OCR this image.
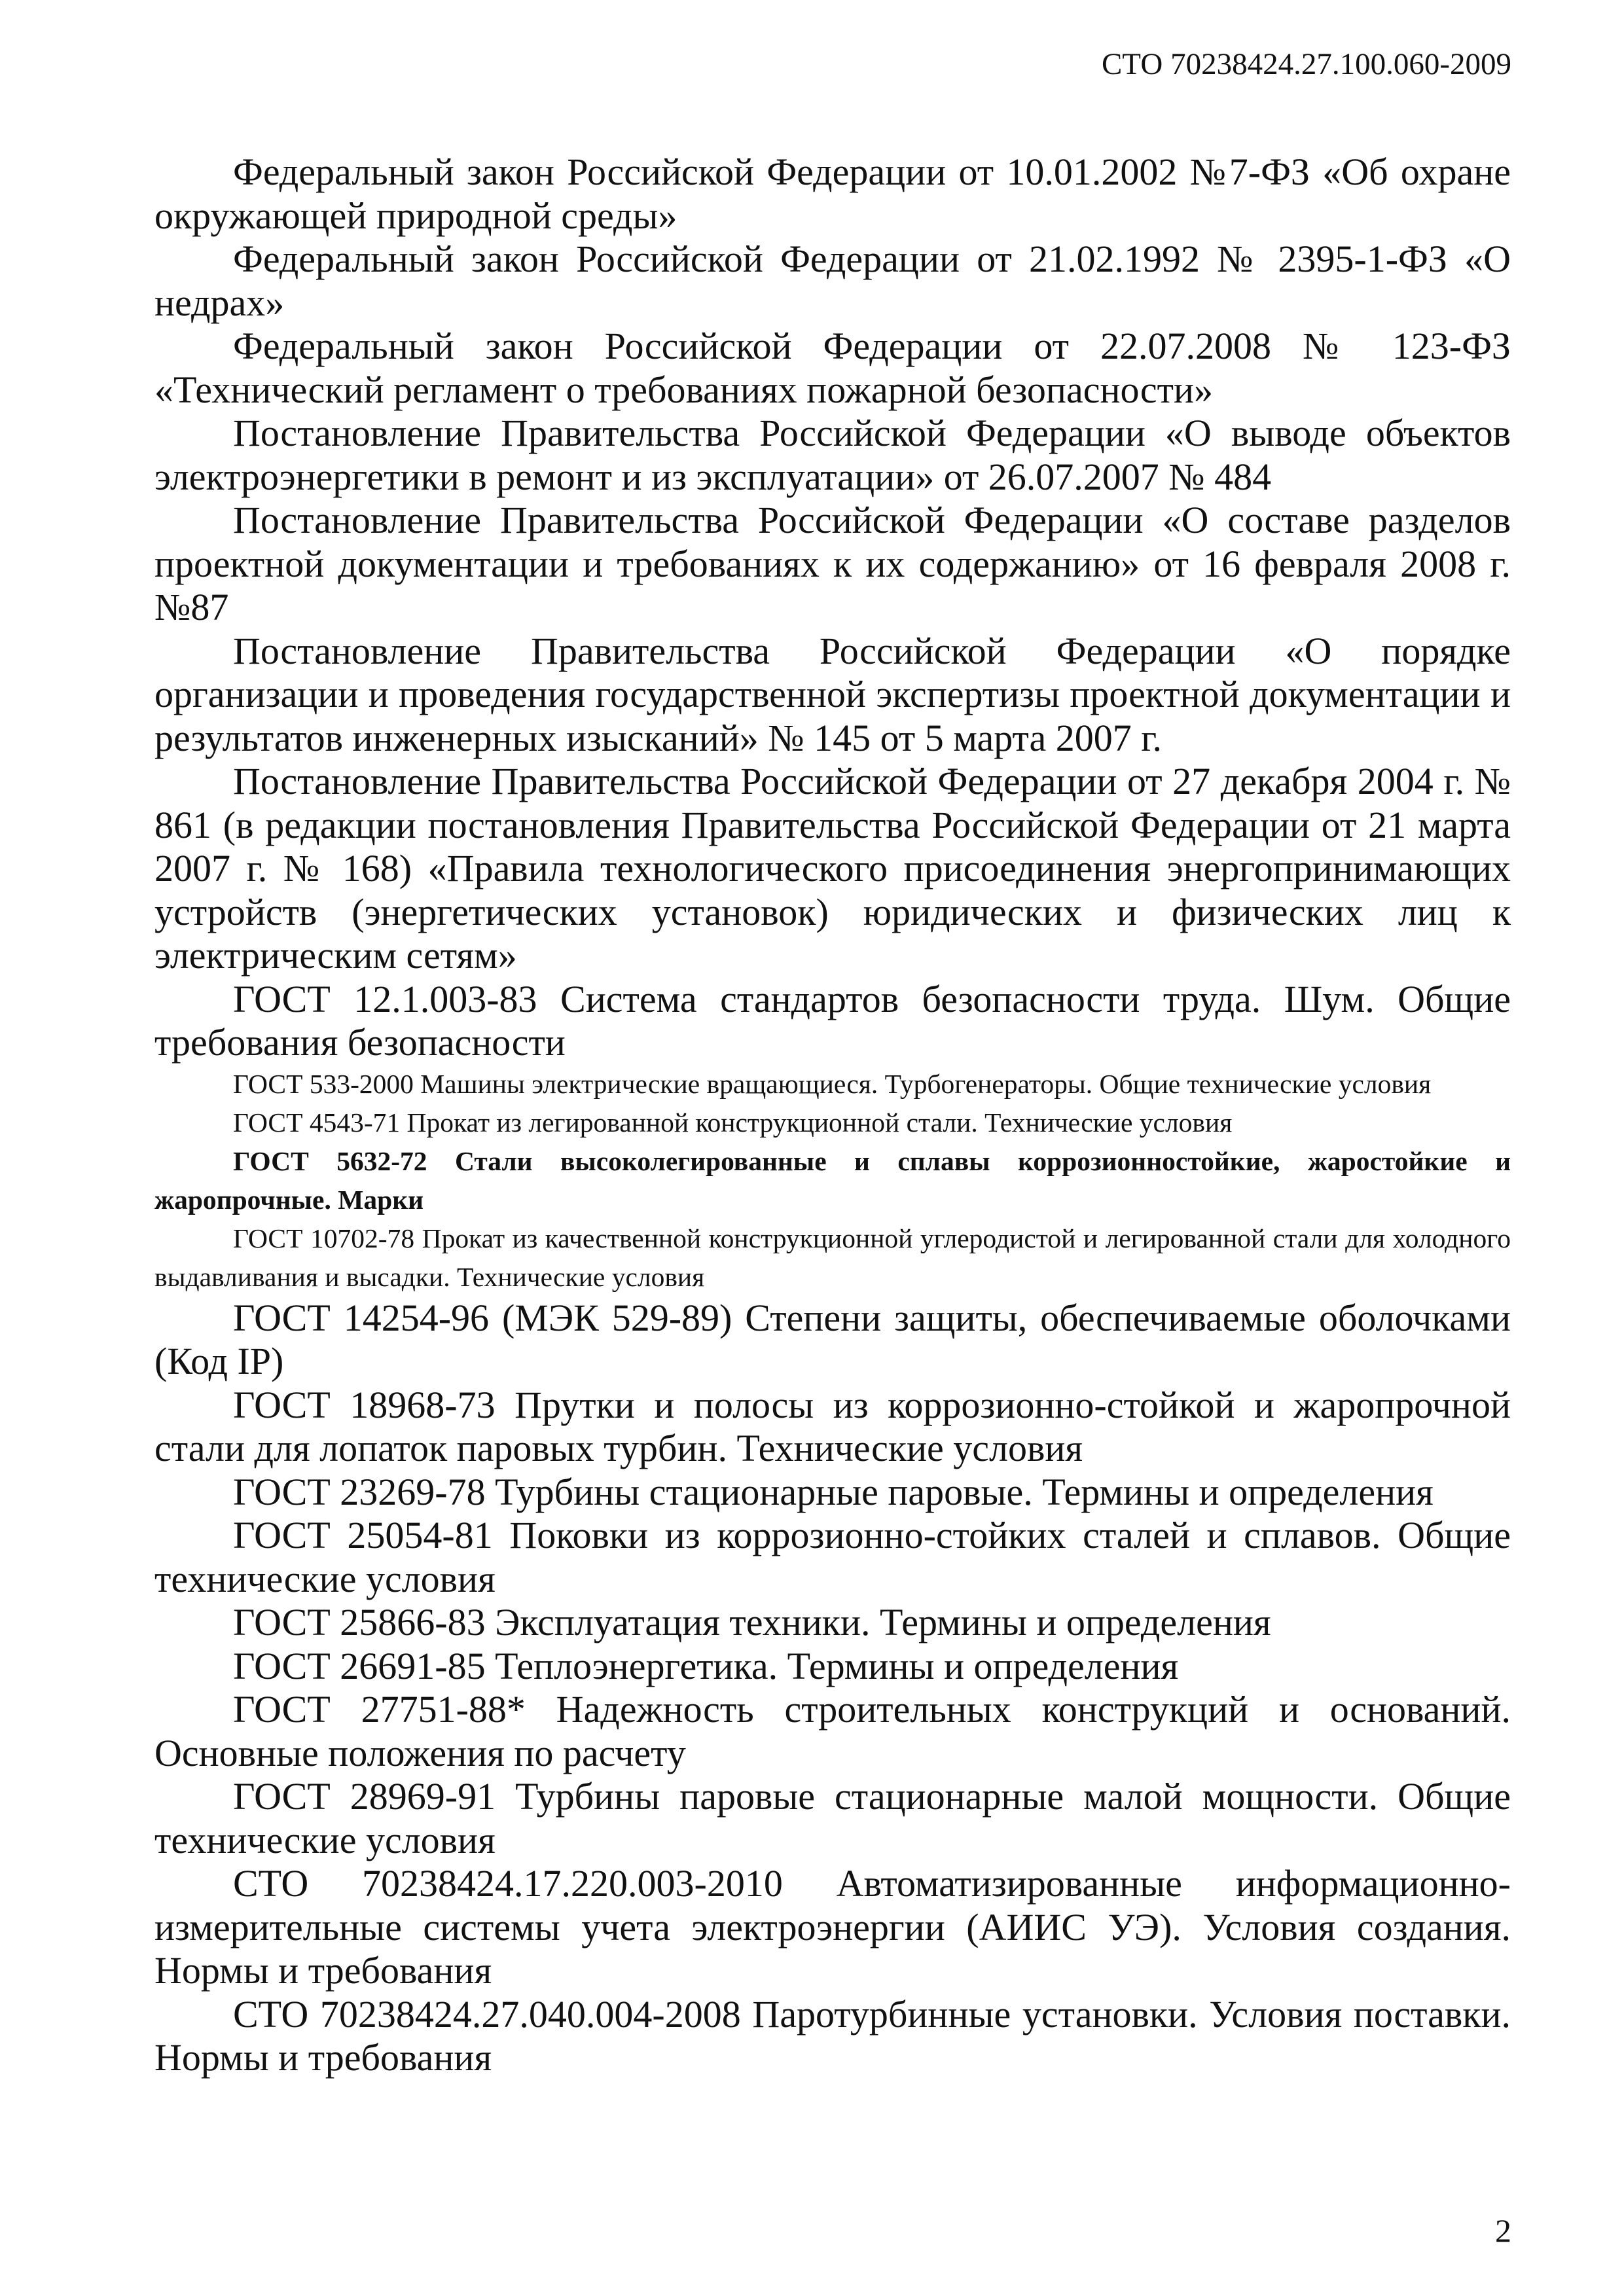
СТО 70238424.27.100.060-2009

Федеральный закон Российской Федерации от 10.01.2002 №7-ФЗ «Об охране окружающей природной среды»

Федеральный закон Российской Федерации от 21.02.1992 № 2395-1-ФЗ «О недрах»

Федеральный закон Российской Федерации от 22.07.2008 № 123-ФЗ «Технический регламент о требованиях пожарной безопасности»

Постановление Правительства Российской Федерации «О выводе объектов электроэнергетики в ремонт и из эксплуатации» от 26.07.2007 № 484

Постановление Правительства Российской Федерации «О составе разделов проектной документации и требованиях к их содержанию» от 16 февраля 2008 г. №87

Постановление Правительства Российской Федерации «О порядке организации и проведения государственной экспертизы проектной документации и результатов инженерных изысканий» № 145 от 5 марта 2007 г.

Постановление Правительства Российской Федерации от 27 декабря 2004 г. № 861 (в редакции постановления Правительства Российской Федерации от 21 марта 2007 г. № 168) «Правила технологического присоединения энергопринимающих устройств (энергетических установок) юридических и физических лиц к электрическим сетям»

ГОСТ 12.1.003-83 Система стандартов безопасности труда. Шум. Общие требования безопасности

ГОСТ 533-2000 Машины электрические вращающиеся. Турбогенераторы. Общие технические условия

ГОСТ 4543-71 Прокат из легированной конструкционной стали. Технические условия

ГОСТ 5632-72 Стали высоколегированные и сплавы коррозионностойкие, жаростойкие и жаропрочные. Марки

ГОСТ 10702-78 Прокат из качественной конструкционной углеродистой и легированной стали для холодного выдавливания и высадки. Технические условия

ГОСТ 14254-96 (МЭК 529-89) Степени защиты, обеспечиваемые оболочками (Код IP)

ГОСТ 18968-73 Прутки и полосы из коррозионно-стойкой и жаропрочной стали для лопаток паровых турбин. Технические условия

ГОСТ 23269-78 Турбины стационарные паровые. Термины и определения

ГОСТ 25054-81 Поковки из коррозионно-стойких сталей и сплавов. Общие технические условия

ГОСТ 25866-83 Эксплуатация техники. Термины и определения

ГОСТ 26691-85 Теплоэнергетика. Термины и определения

ГОСТ 27751-88* Надежность строительных конструкций и оснований. Основные положения по расчету

ГОСТ 28969-91 Турбины паровые стационарные малой мощности. Общие технические условия

СТО 70238424.17.220.003-2010 Автоматизированные информационно-измерительные системы учета электроэнергии (АИИС УЭ). Условия создания. Нормы и требования

СТО 70238424.27.040.004-2008 Паротурбинные установки. Условия поставки. Нормы и требования

2
